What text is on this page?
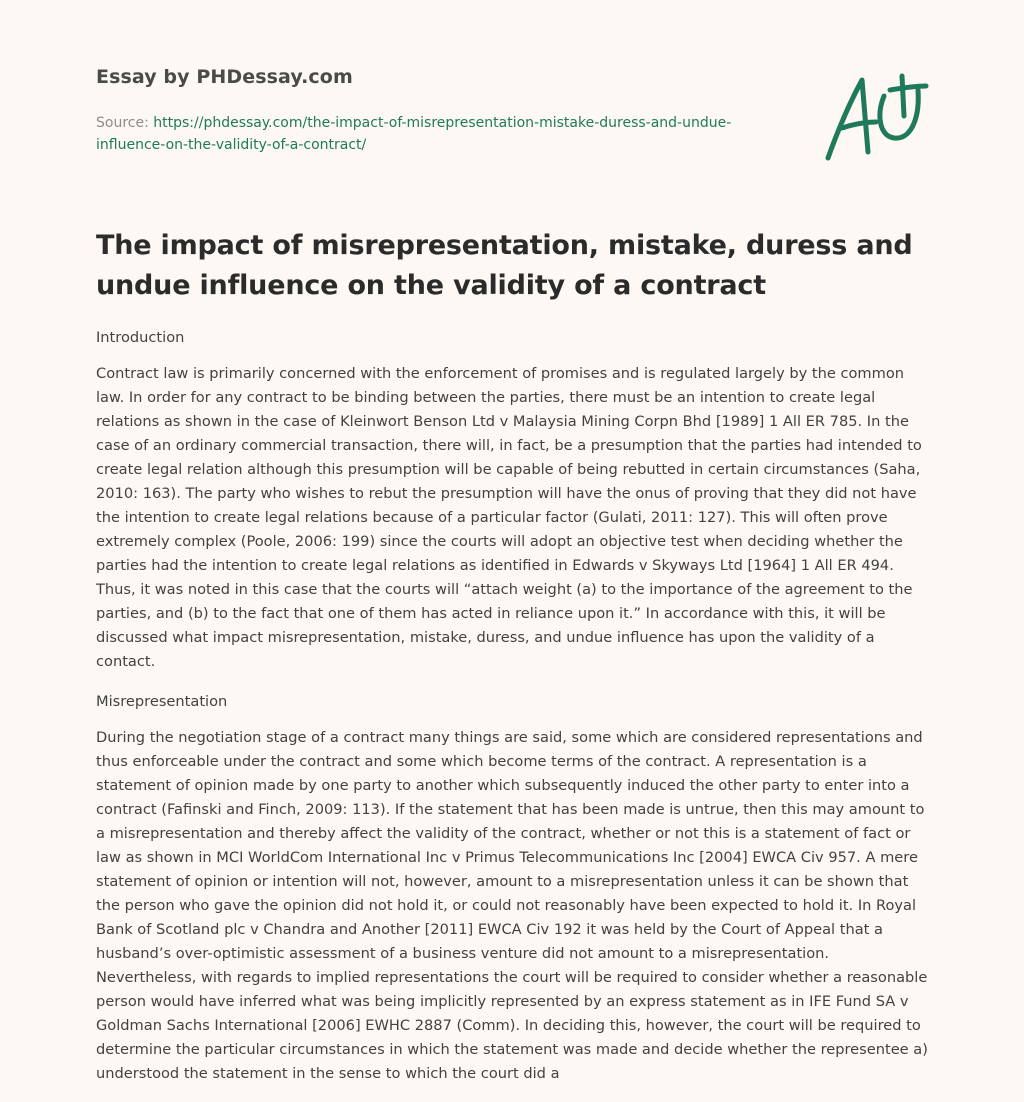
Essay by PHDessay.com
Source: https://phdessay.com/the-impact-of-misrepresentation-mistake-duress-and-undue-influence-on-the-validity-of-a-contract/
The impact of misrepresentation, mistake, duress and undue influence on the validity of a contract

Introduction

Contract law is primarily concerned with the enforcement of promises and is regulated largely by the common law. In order for any contract to be binding between the parties, there must be an intention to create legal relations as shown in the case of Kleinwort Benson Ltd v Malaysia Mining Corpn Bhd [1989] 1 All ER 785. In the case of an ordinary commercial transaction, there will, in fact, be a presumption that the parties had intended to create legal relation although this presumption will be capable of being rebutted in certain circumstances (Saha, 2010: 163). The party who wishes to rebut the presumption will have the onus of proving that they did not have the intention to create legal relations because of a particular factor (Gulati, 2011: 127). This will often prove extremely complex (Poole, 2006: 199) since the courts will adopt an objective test when deciding whether the parties had the intention to create legal relations as identified in Edwards v Skyways Ltd [1964] 1 All ER 494. Thus, it was noted in this case that the courts will “attach weight (a) to the importance of the agreement to the parties, and (b) to the fact that one of them has acted in reliance upon it.” In accordance with this, it will be discussed what impact misrepresentation, mistake, duress, and undue influence has upon the validity of a contact.

Misrepresentation

During the negotiation stage of a contract many things are said, some which are considered representations and thus enforceable under the contract and some which become terms of the contract. A representation is a statement of opinion made by one party to another which subsequently induced the other party to enter into a contract (Fafinski and Finch, 2009: 113). If the statement that has been made is untrue, then this may amount to a misrepresentation and thereby affect the validity of the contract, whether or not this is a statement of fact or law as shown in MCI WorldCom International Inc v Primus Telecommunications Inc [2004] EWCA Civ 957. A mere statement of opinion or intention will not, however, amount to a misrepresentation unless it can be shown that the person who gave the opinion did not hold it, or could not reasonably have been expected to hold it. In Royal Bank of Scotland plc v Chandra and Another [2011] EWCA Civ 192 it was held by the Court of Appeal that a husband’s over-optimistic assessment of a business venture did not amount to a misrepresentation. Nevertheless, with regards to implied representations the court will be required to consider whether a reasonable person would have inferred what was being implicitly represented by an express statement as in IFE Fund SA v Goldman Sachs International [2006] EWHC 2887 (Comm). In deciding this, however, the court will be required to determine the particular circumstances in which the statement was made and decide whether the representee a) understood the statement in the sense to which the court did a
